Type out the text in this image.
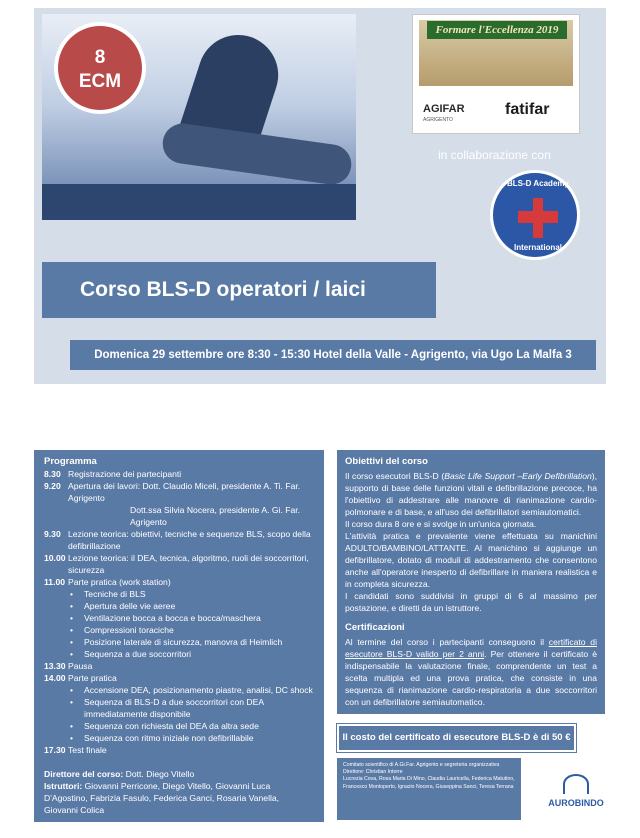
8
ECM
Formare l'Eccellenza 2019
AGIFAR
AGRIGENTO
fatifar
in collaborazione con
BLS-D Academy
International
Corso BLS-D operatori / laici
Domenica 29 settembre ore 8:30 - 15:30 Hotel della Valle - Agrigento, via Ugo La Malfa 3
Programma
8.30 Registrazione dei partecipanti
9.20 Apertura dei lavori: Dott. Claudio Miceli, presidente A. Ti. Far. Agrigento
Dott.ssa Silvia Nocera, presidente A. Gi. Far. Agrigento
9.30 Lezione teorica: obiettivi, tecniche e sequenze BLS, scopo della defibrillazione
10.00 Lezione teorica: il DEA, tecnica, algoritmo, ruoli dei soccorritori, sicurezza
11.00 Parte pratica (work station)
• Tecniche di BLS
• Apertura delle vie aeree
• Ventilazione bocca a bocca e bocca/maschera
• Compressioni toraciche
• Posizione laterale di sicurezza, manovra di Heimlich
• Sequenza a due soccorritori
13.30 Pausa
14.00 Parte pratica
• Accensione DEA, posizionamento piastre, analisi, DC shock
• Sequenza di BLS-D a due soccorritori con DEA immediatamente disponibile
• Sequenza con richiesta del DEA da altra sede
• Sequenza con ritmo iniziale non defibrillabile
17.30 Test finale
Direttore del corso: Dott. Diego Vitello
Istruttori: Giovanni Perricone, Diego Vitello, Giovanni Luca D'Agostino, Fabrizia Fasulo, Federica Ganci, Rosaria Vanella, Giovanni Colica
Obiettivi del corso

Il corso esecutori BLS-D (Basic Life Support –Early Defibrillation), supporto di base delle funzioni vitali e defibrillazione precoce, ha l'obiettivo di addestrare alle manovre di rianimazione cardio-polmonare e di base, e all'uso dei defibrillatori semiautomatici.

Il corso dura 8 ore e si svolge in un'unica giornata.

L'attività pratica e prevalente viene effettuata su manichini ADULTO/BAMBINO/LATTANTE. Al manichino si aggiunge un defibrillatore, dotato di moduli di addestramento che consentono anche all'operatore inesperto di defibrillare in maniera realistica e in completa sicurezza.

I candidati sono suddivisi in gruppi di 6 al massimo per postazione, e diretti da un istruttore.

Certificazioni

Al termine del corso i partecipanti conseguono il certificato di esecutore BLS-D valido per 2 anni. Per ottenere il certificato è indispensabile la valutazione finale, comprendente un test a scelta multipla ed una prova pratica, che consiste in una sequenza di rianimazione cardio-respiratoria a due soccorritori con un defibrillatore semiautomatico.

Il costo del certificato di esecutore BLS-D è di 50 €
Comitato scientifico di A.Gi.Far. Agrigento e segreteria organizzativa
Direttore: Christian Intorre
Lucrezia Cova, Rosa Maria Di Mino, Claudia Lauricella, Federica Matutino, Francesco Montoperto, Ignazio Nocera, Giuseppina Sanci, Teresa Terrana
AUROBINDO
